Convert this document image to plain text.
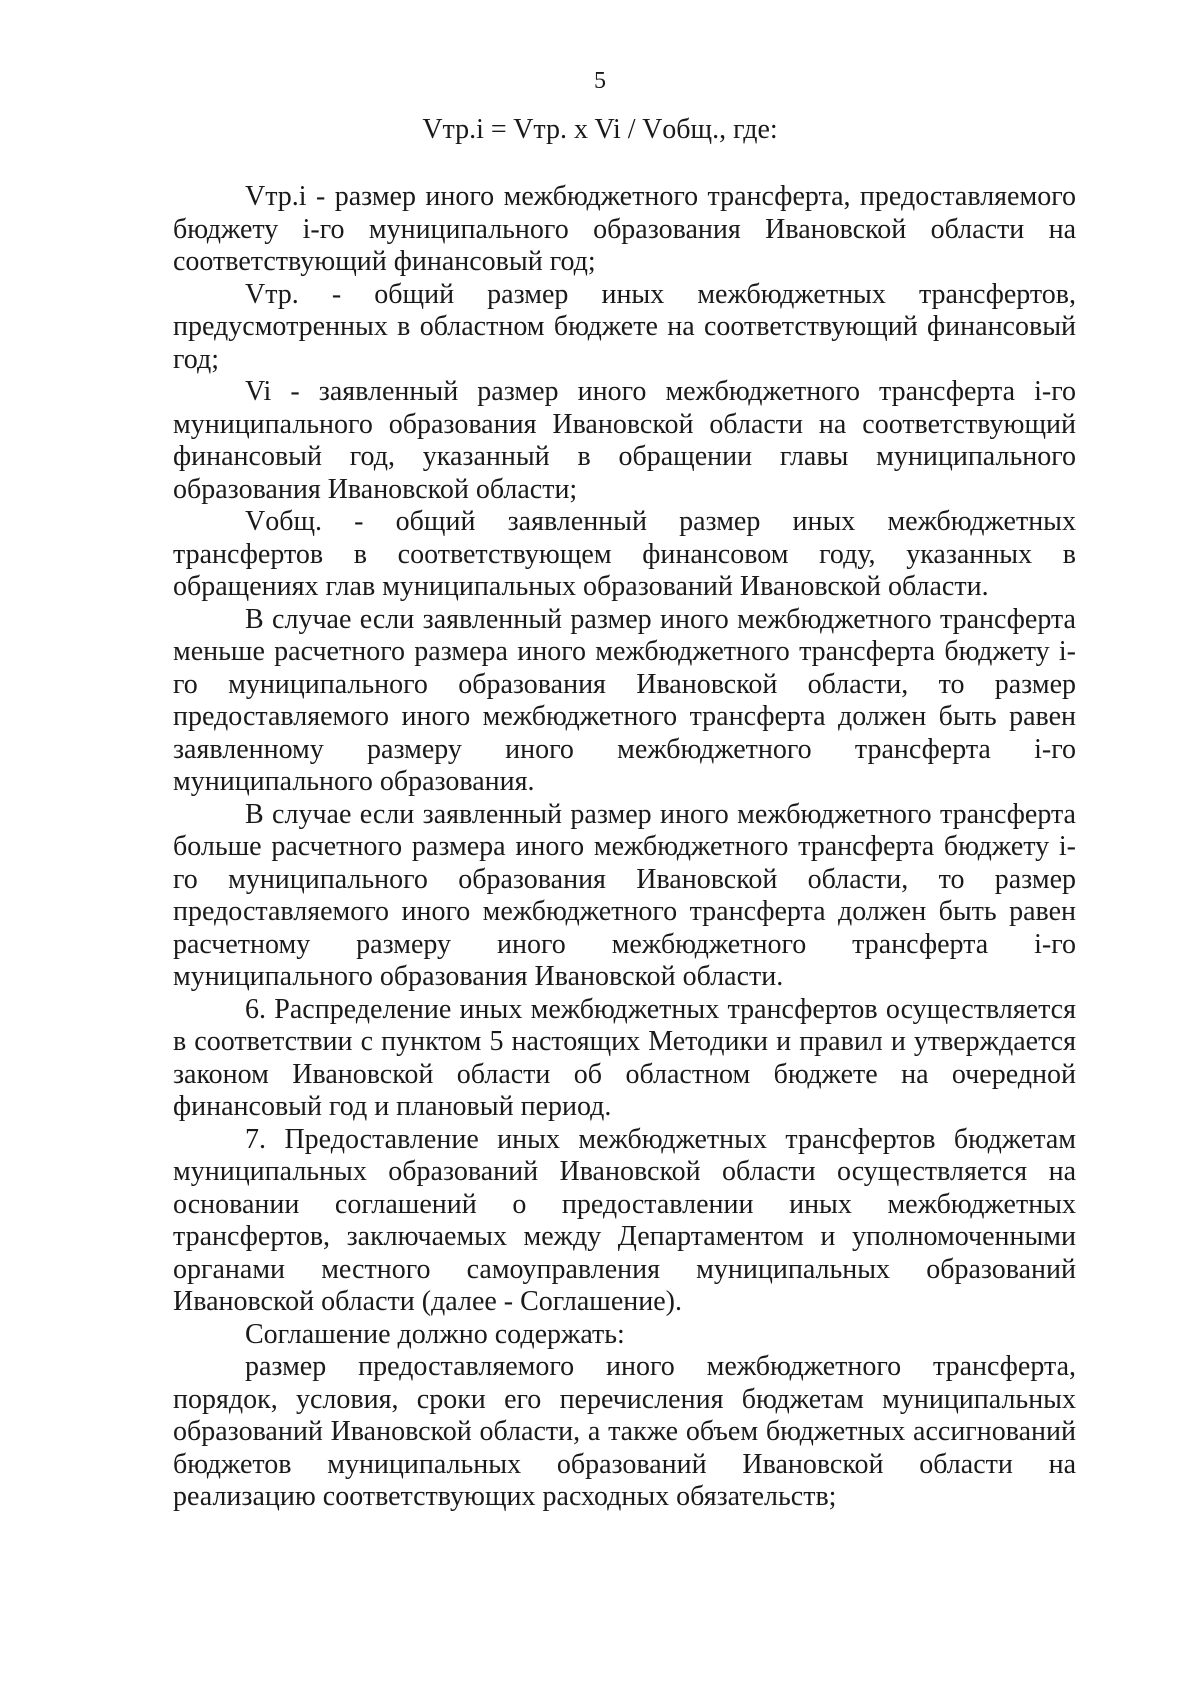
5
Vтр.i = Vтр. x Vi / Vобщ., где:

Vтр.i - размер иного межбюджетного трансферта, предоставляемого бюджету i-го муниципального образования Ивановской области на соответствующий финансовый год;

Vтр. - общий размер иных межбюджетных трансфертов, предусмотренных в областном бюджете на соответствующий финансовый год;

Vi - заявленный размер иного межбюджетного трансферта i-го муниципального образования Ивановской области на соответствующий финансовый год, указанный в обращении главы муниципального образования Ивановской области;

Vобщ. - общий заявленный размер иных межбюджетных трансфертов в соответствующем финансовом году, указанных в обращениях глав муниципальных образований Ивановской области.

В случае если заявленный размер иного межбюджетного трансферта меньше расчетного размера иного межбюджетного трансферта бюджету i-го муниципального образования Ивановской области, то размер предоставляемого иного межбюджетного трансферта должен быть равен заявленному размеру иного межбюджетного трансферта i-го муниципального образования.

В случае если заявленный размер иного межбюджетного трансферта больше расчетного размера иного межбюджетного трансферта бюджету i-го муниципального образования Ивановской области, то размер предоставляемого иного межбюджетного трансферта должен быть равен расчетному размеру иного межбюджетного трансферта i-го муниципального образования Ивановской области.

6. Распределение иных межбюджетных трансфертов осуществляется в соответствии с пунктом 5 настоящих Методики и правил и утверждается законом Ивановской области об областном бюджете на очередной финансовый год и плановый период.

7. Предоставление иных межбюджетных трансфертов бюджетам муниципальных образований Ивановской области осуществляется на основании соглашений о предоставлении иных межбюджетных трансфертов, заключаемых между Департаментом и уполномоченными органами местного самоуправления муниципальных образований Ивановской области (далее - Соглашение).

Соглашение должно содержать:

размер предоставляемого иного межбюджетного трансферта, порядок, условия, сроки его перечисления бюджетам муниципальных образований Ивановской области, а также объем бюджетных ассигнований бюджетов муниципальных образований Ивановской области на реализацию соответствующих расходных обязательств;
